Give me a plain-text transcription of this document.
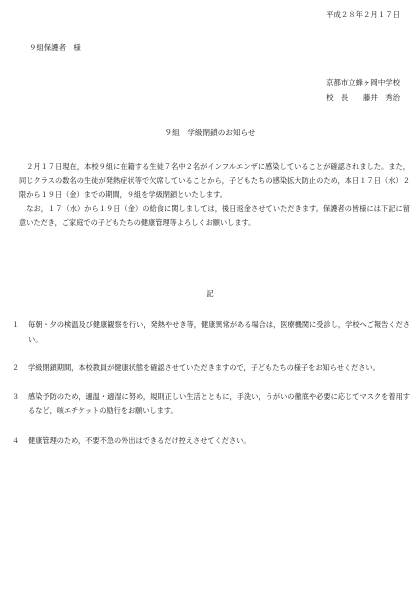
平成２８年２月１７日
９組保護者　様
京都市立蜂ヶ岡中学校
校　長　　藤井　秀治
９組　学級閉鎖のお知らせ

２月１７日現在，本校９組に在籍する生徒７名中２名がインフルエンザに感染していることが確認されました。また，同じクラスの数名の生徒が発熱症状等で欠席していることから，子どもたちの感染拡大防止のため，本日１７日（水）２限から１９日（金）までの期間，９組を学級閉鎖といたします。

なお，１７（水）から１９日（金）の給食に関しましては，後日返金させていただきます。保護者の皆様には下記に留意いただき，ご家庭での子どもたちの健康管理等よろしくお願いします。

記
１ 毎朝・夕の検温及び健康観察を行い，発熱やせき等，健康異常がある場合は，医療機関に受診し，学校へご報告ください。
２ 学級閉鎖期間，本校教員が健康状態を確認させていただきますので，子どもたちの様子をお知らせください。
３ 感染予防のため，適温・適湿に努め，規則正しい生活とともに，手洗い，うがいの徹底や必要に応じてマスクを着用するなど，咳エチケットの励行をお願いします。
４ 健康管理のため，不要不急の外出はできるだけ控えさせてください。
